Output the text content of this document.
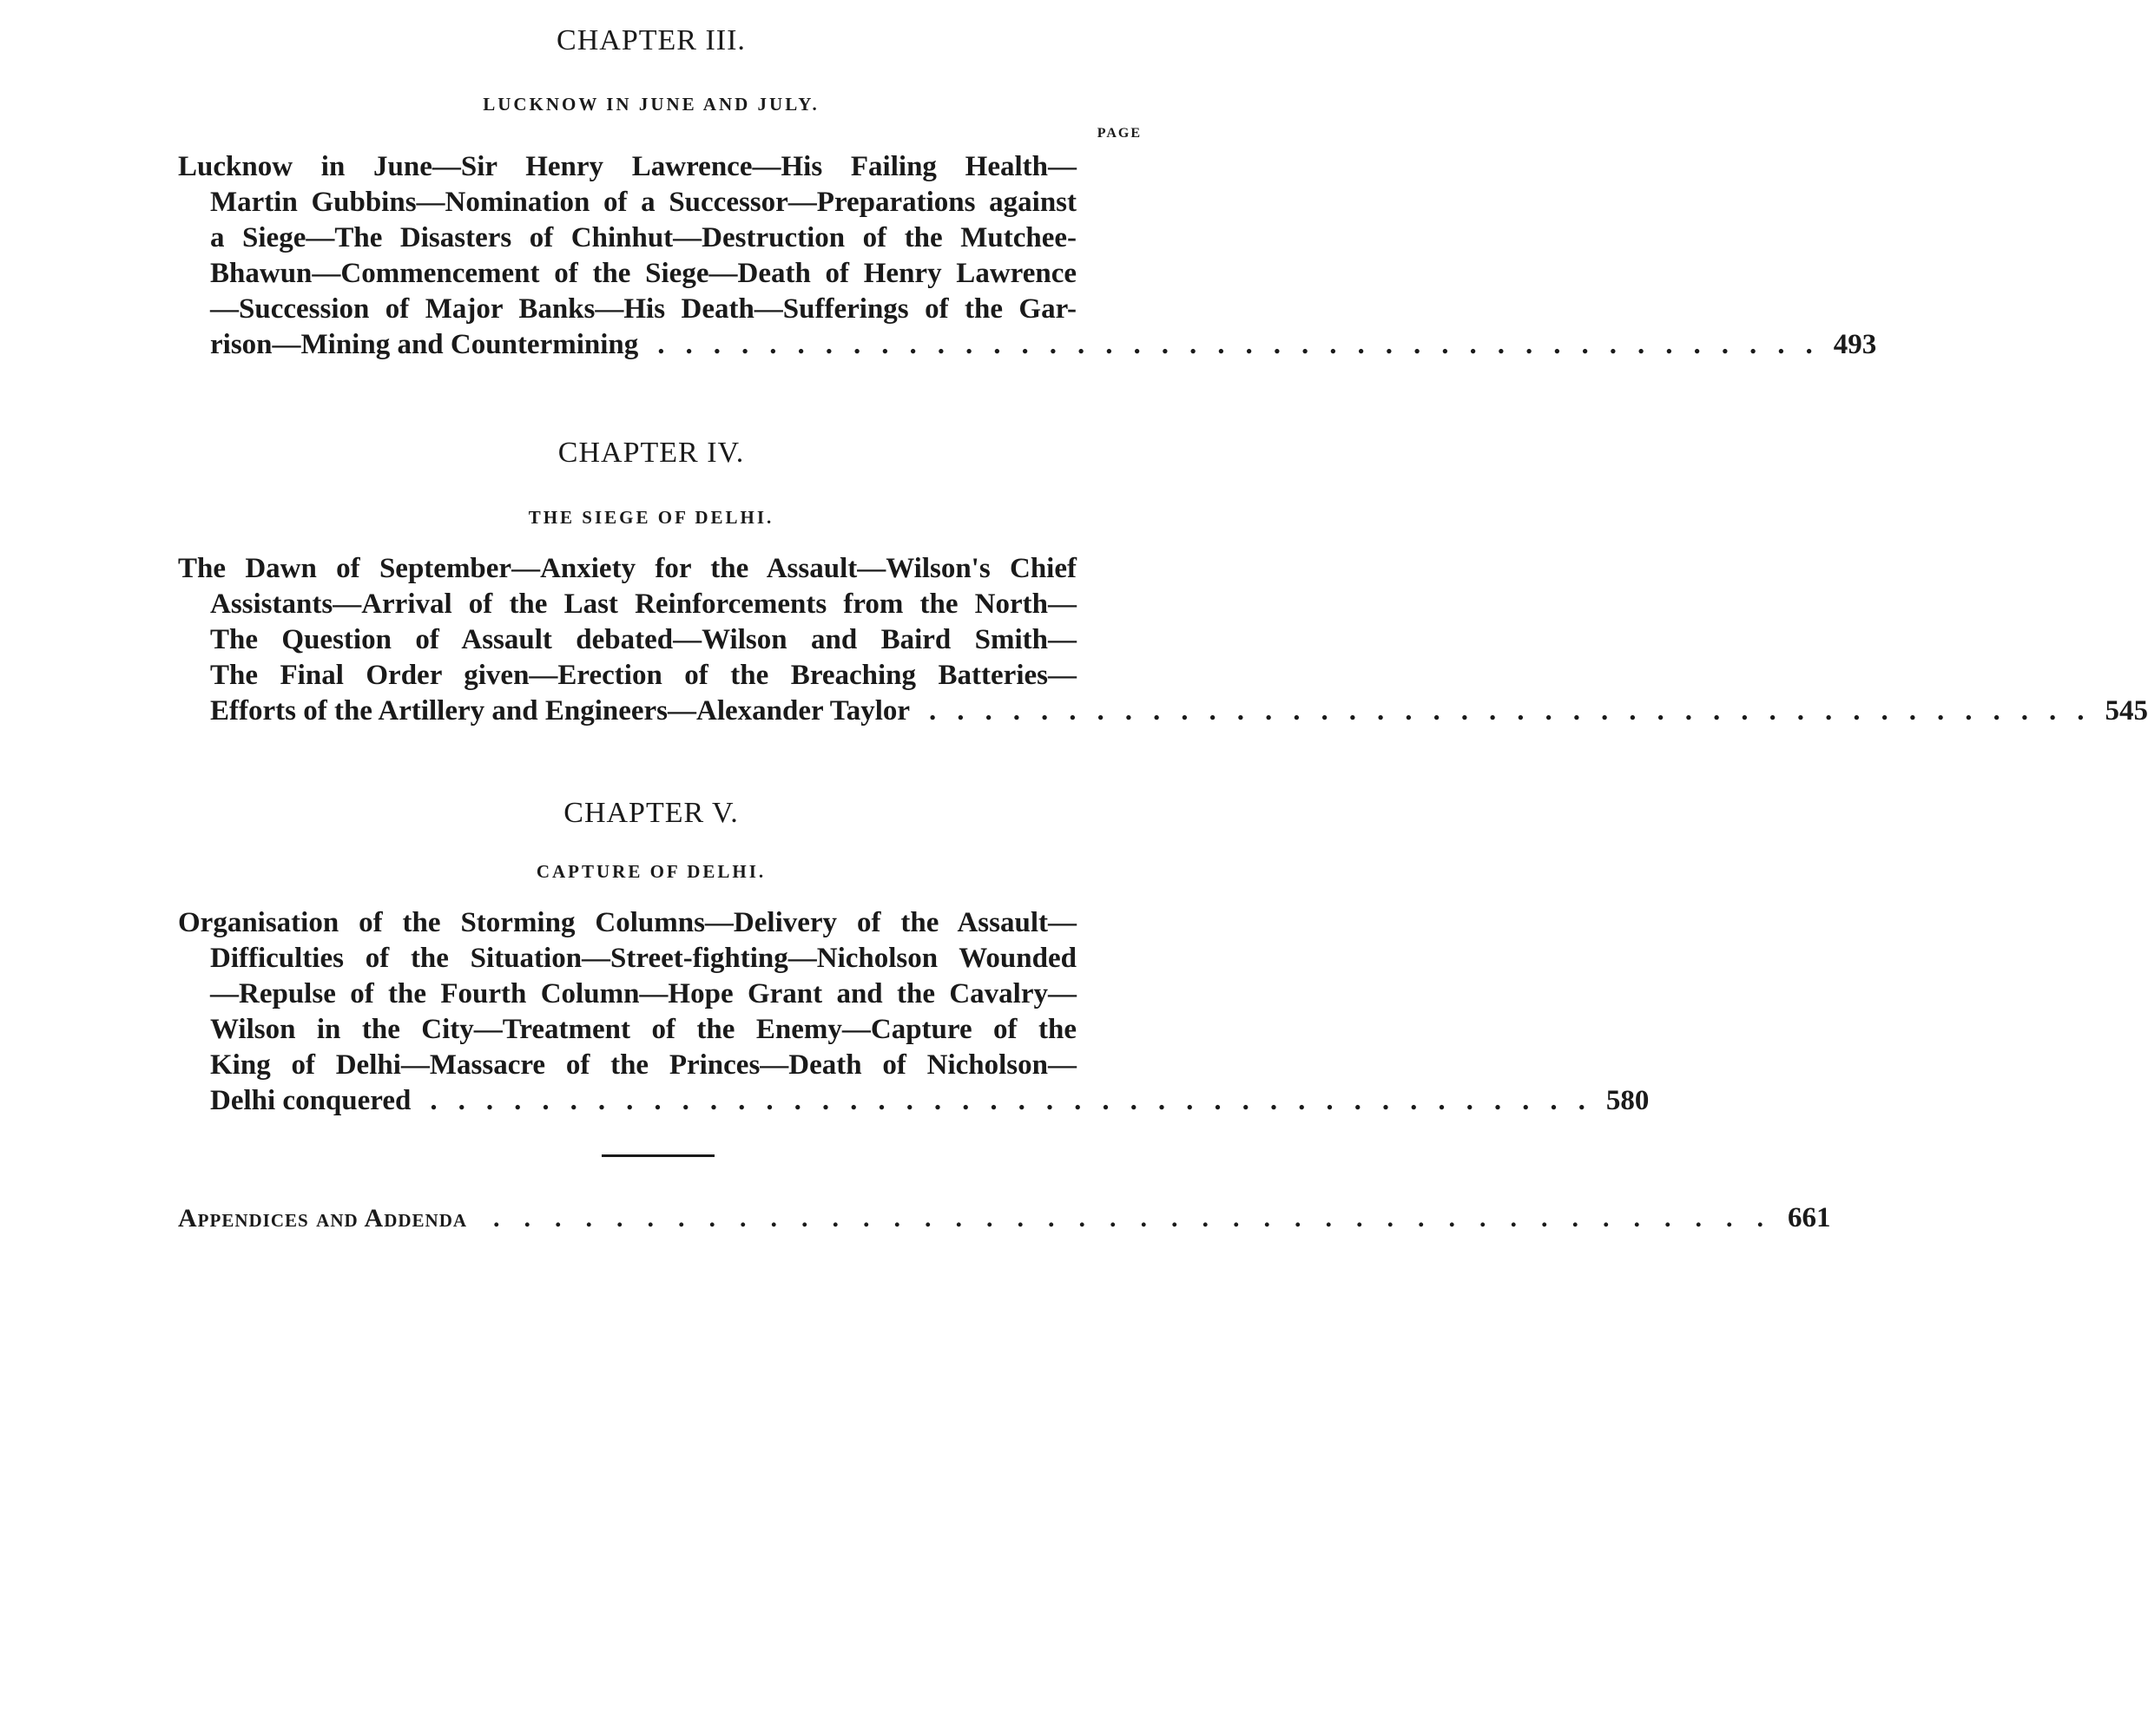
CHAPTER III.
LUCKNOW IN JUNE AND JULY.
PAGE
Lucknow in June—Sir Henry Lawrence—His Failing Health—
Martin Gubbins—Nomination of a Successor—Preparations against
a Siege—The Disasters of Chinhut—Destruction of the Mutchee-
Bhawun—Commencement of the Siege—Death of Henry Lawrence
—Succession of Major Banks—His Death—Sufferings of the Gar-
rison—Mining and Countermining .......................................... 493
CHAPTER IV.
THE SIEGE OF DELHI.
The Dawn of September—Anxiety for the Assault—Wilson's Chief
Assistants—Arrival of the Last Reinforcements from the North—
The Question of Assault debated—Wilson and Baird Smith—
The Final Order given—Erection of the Breaching Batteries—
Efforts of the Artillery and Engineers—Alexander Taylor .......................................... 545
CHAPTER V.
CAPTURE OF DELHI.
Organisation of the Storming Columns—Delivery of the Assault—
Difficulties of the Situation—Street-fighting—Nicholson Wounded
—Repulse of the Fourth Column—Hope Grant and the Cavalry—
Wilson in the City—Treatment of the Enemy—Capture of the
King of Delhi—Massacre of the Princes—Death of Nicholson—
Delhi conquered .......................................... 580
Appendices and Addenda	.......................................... 661
